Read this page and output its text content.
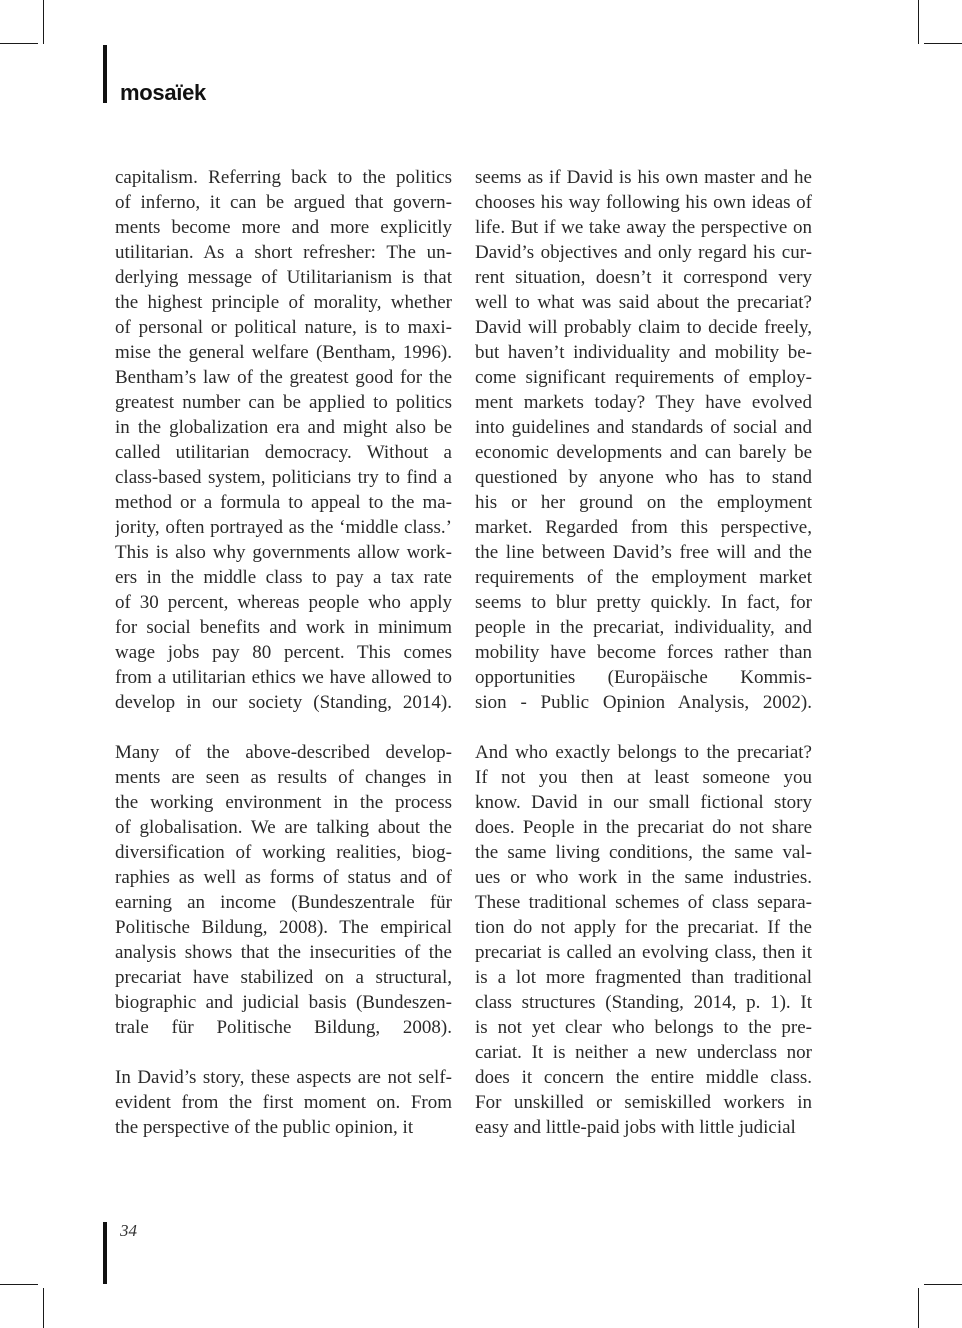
mosaïek
capitalism. Referring back to the politics
of inferno, it can be argued that govern-
ments become more and more explicitly
utilitarian. As a short refresher: The un-
derlying message of Utilitarianism is that
the highest principle of morality, whether
of personal or political nature, is to maxi-
mise the general welfare (Bentham, 1996).
Bentham’s law of the greatest good for the
greatest number can be applied to politics
in the globalization era and might also be
called utilitarian democracy. Without a
class-based system, politicians try to find a
method or a formula to appeal to the ma-
jority, often portrayed as the ‘middle class.’
This is also why governments allow work-
ers in the middle class to pay a tax rate
of 30 percent, whereas people who apply
for social benefits and work in minimum
wage jobs pay 80 percent. This comes
from a utilitarian ethics we have allowed to
develop in our society (Standing, 2014).
Many of the above-described develop-
ments are seen as results of changes in
the working environment in the process
of globalisation. We are talking about the
diversification of working realities, biog-
raphies as well as forms of status and of
earning an income (Bundeszentrale für
Politische Bildung, 2008). The empirical
analysis shows that the insecurities of the
precariat have stabilized on a structural,
biographic and judicial basis (Bundeszen-
trale für Politische Bildung, 2008).
In David’s story, these aspects are not self-
evident from the first moment on. From
the perspective of the public opinion, it
seems as if David is his own master and he
chooses his way following his own ideas of
life. But if we take away the perspective on
David’s objectives and only regard his cur-
rent situation, doesn’t it correspond very
well to what was said about the precariat?
David will probably claim to decide freely,
but haven’t individuality and mobility be-
come significant requirements of employ-
ment markets today? They have evolved
into guidelines and standards of social and
economic developments and can barely be
questioned by anyone who has to stand
his or her ground on the employment
market. Regarded from this perspective,
the line between David’s free will and the
requirements of the employment market
seems to blur pretty quickly. In fact, for
people in the precariat, individuality, and
mobility have become forces rather than
opportunities (Europäische Kommis-
sion - Public Opinion Analysis, 2002).
And who exactly belongs to the precariat?
If not you then at least someone you
know. David in our small fictional story
does. People in the precariat do not share
the same living conditions, the same val-
ues or who work in the same industries.
These traditional schemes of class separa-
tion do not apply for the precariat. If the
precariat is called an evolving class, then it
is a lot more fragmented than traditional
class structures (Standing, 2014, p. 1). It
is not yet clear who belongs to the pre-
cariat. It is neither a new underclass nor
does it concern the entire middle class.
For unskilled or semiskilled workers in
easy and little-paid jobs with little judicial
34
